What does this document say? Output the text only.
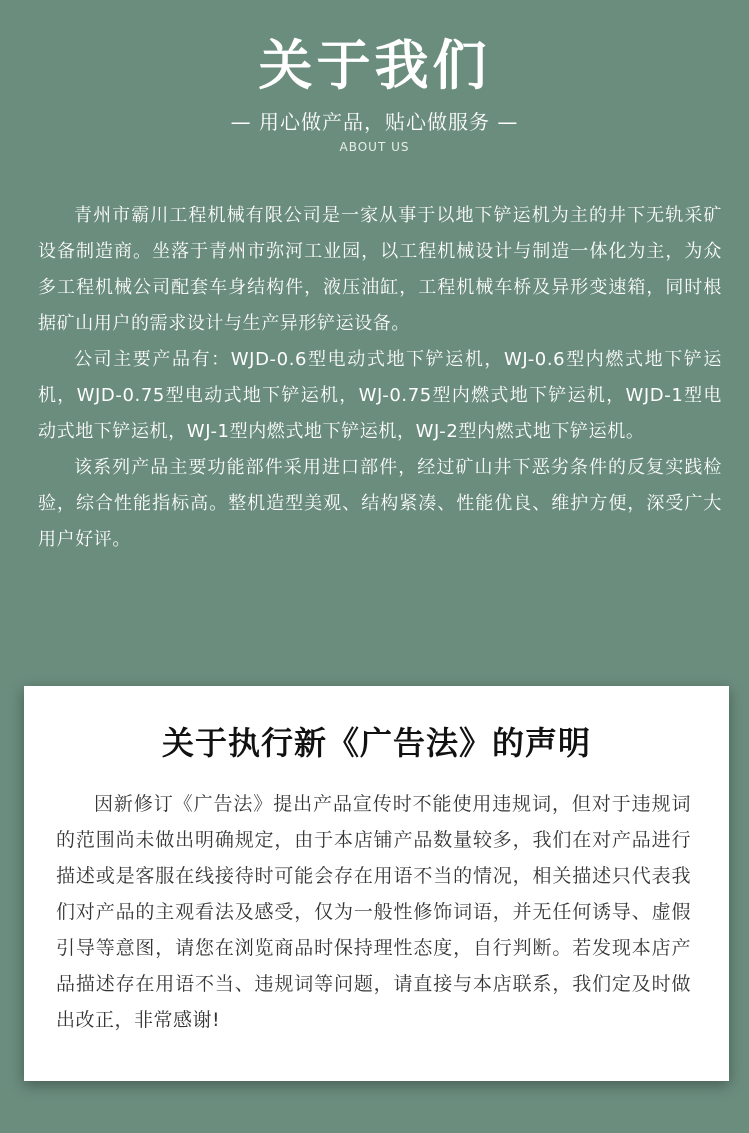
关于我们
— 用心做产品，贴心做服务 —
ABOUT US

青州市霸川工程机械有限公司是一家从事于以地下铲运机为主的井下无轨采矿设备制造商。坐落于青州市弥河工业园，以工程机械设计与制造一体化为主，为众多工程机械公司配套车身结构件，液压油缸，工程机械车桥及异形变速箱，同时根据矿山用户的需求设计与生产异形铲运设备。

公司主要产品有：WJD-0.6型电动式地下铲运机，WJ-0.6型内燃式地下铲运机，WJD-0.75型电动式地下铲运机，WJ-0.75型内燃式地下铲运机，WJD-1型电动式地下铲运机，WJ-1型内燃式地下铲运机，WJ-2型内燃式地下铲运机。

该系列产品主要功能部件采用进口部件，经过矿山井下恶劣条件的反复实践检验，综合性能指标高。整机造型美观、结构紧凑、性能优良、维护方便，深受广大用户好评。

关于执行新《广告法》的声明
因新修订《广告法》提出产品宣传时不能使用违规词，但对于违规词的范围尚未做出明确规定，由于本店铺产品数量较多，我们在对产品进行描述或是客服在线接待时可能会存在用语不当的情况，相关描述只代表我们对产品的主观看法及感受，仅为一般性修饰词语，并无任何诱导、虚假引导等意图，请您在浏览商品时保持理性态度，自行判断。若发现本店产品描述存在用语不当、违规词等问题，请直接与本店联系，我们定及时做出改正，非常感谢!
